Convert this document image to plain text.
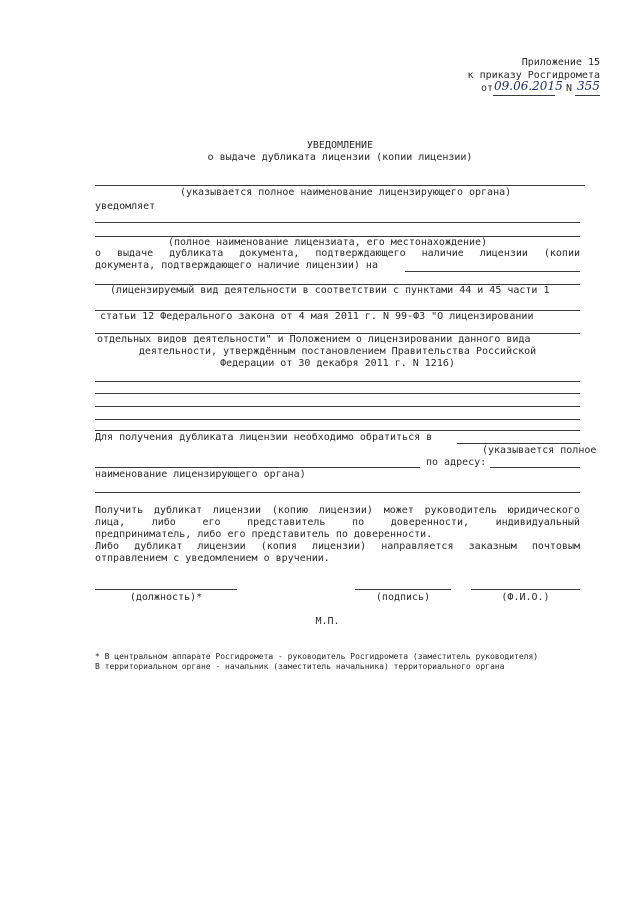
Приложение 15
к приказу Росгидромета
от 09.06.2015 N 355
УВЕДОМЛЕНИЕ
о выдаче дубликата лицензии (копии лицензии)
(указывается полное наименование лицензирующего органа)
уведомляет
(полное наименование лицензиата, его местонахождение)
о выдаче дубликата документа, подтверждающего наличие лицензии (копии
документа, подтверждающего наличие лицензии) на
(лицензируемый вид деятельности в соответствии с пунктами 44 и 45 части 1
статьи 12 Федерального закона от 4 мая 2011 г. N 99-ФЗ "О лицензировании
отдельных видов деятельности" и Положением о лицензировании данного вида
деятельности, утверждённым постановлением Правительства Российской
Федерации от 30 декабря 2011 г. N 1216)
Для получения дубликата лицензии необходимо обратиться в
(указывается полное
по адресу:
наименование лицензирующего органа)
Получить дубликат лицензии (копию лицензии) может руководитель юридического
лица,	либо	его	представитель	по	доверенности,	индивидуальный
предприниматель, либо его представитель по доверенности.
Либо дубликат лицензии (копия лицензии) направляется заказным почтовым
отправлением с уведомлением о вручении.
(должность)*	(подпись)	(Ф.И.О.)
М.П.
* В центральном аппарате Росгидромета - руководитель Росгидромета (заместитель руководителя)
В территориальном органе - начальник (заместитель начальника) территориального органа
